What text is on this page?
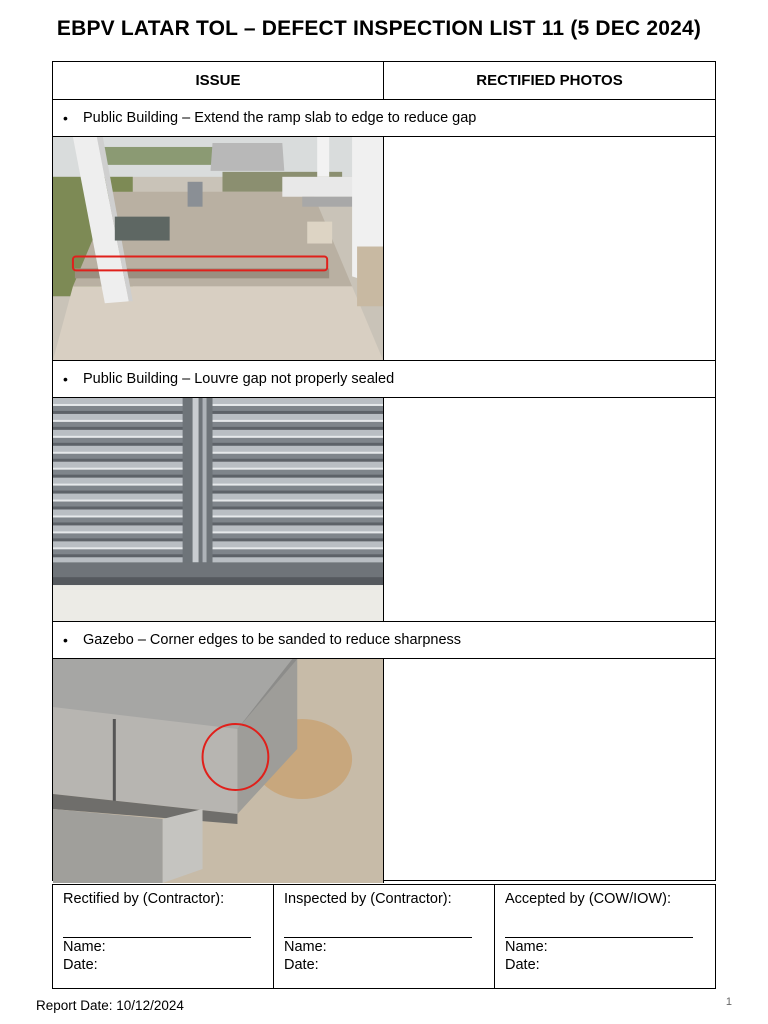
EBPV LATAR TOL – DEFECT INSPECTION LIST 11 (5 DEC 2024)
ISSUE	RECTIFIED PHOTOS
•	Public Building – Extend the ramp slab to edge to reduce gap
•	Public Building – Louvre gap not properly sealed
•	Gazebo – Corner edges to be sanded to reduce sharpness
Rectified by (Contractor):
Name:
Date:
Inspected by (Contractor):
Name:
Date:
Accepted by (COW/IOW):
Name:
Date:
Report Date: 10/12/2024	1
